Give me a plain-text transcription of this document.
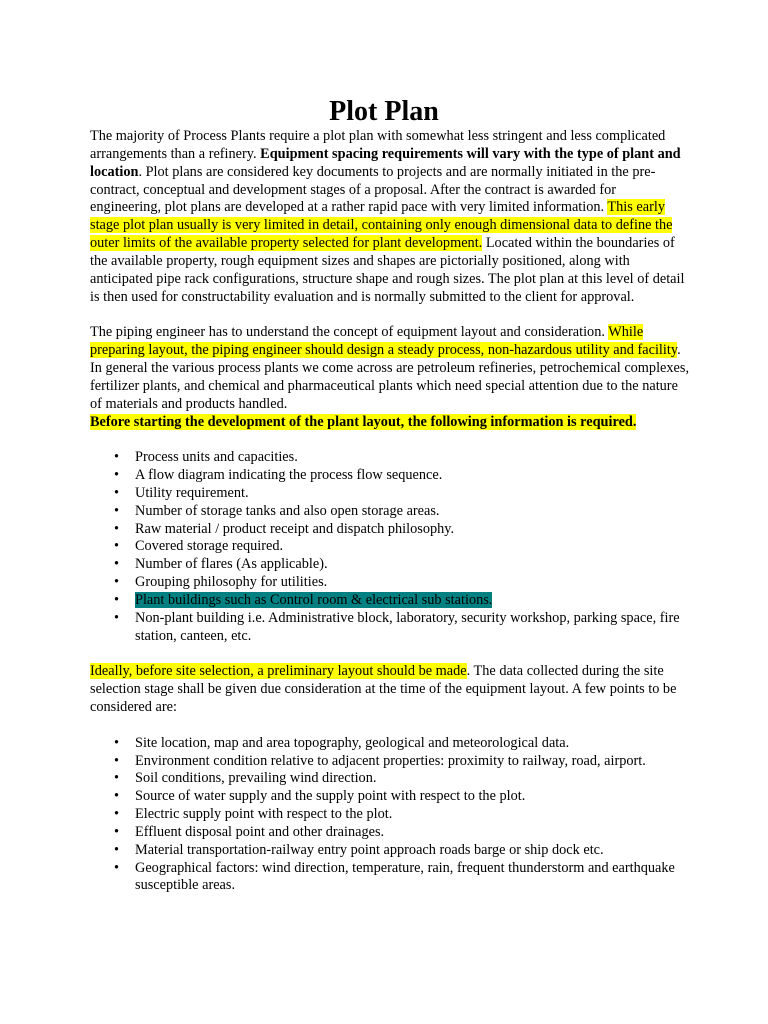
Plot Plan

The majority of Process Plants require a plot plan with somewhat less stringent and less complicated arrangements than a refinery. Equipment spacing requirements will vary with the type of plant and location. Plot plans are considered key documents to projects and are normally initiated in the pre-contract, conceptual and development stages of a proposal. After the contract is awarded for engineering, plot plans are developed at a rather rapid pace with very limited information. This early stage plot plan usually is very limited in detail, containing only enough dimensional data to define the outer limits of the available property selected for plant development. Located within the boundaries of the available property, rough equipment sizes and shapes are pictorially positioned, along with anticipated pipe rack configurations, structure shape and rough sizes. The plot plan at this level of detail is then used for constructability evaluation and is normally submitted to the client for approval.

The piping engineer has to understand the concept of equipment layout and consideration. While preparing layout, the piping engineer should design a steady process, non-hazardous utility and facility. In general the various process plants we come across are petroleum refineries, petrochemical complexes, fertilizer plants, and chemical and pharmaceutical plants which need special attention due to the nature of materials and products handled.

Before starting the development of the plant layout, the following information is required.

• Process units and capacities.
• A flow diagram indicating the process flow sequence.
• Utility requirement.
• Number of storage tanks and also open storage areas.
• Raw material / product receipt and dispatch philosophy.
• Covered storage required.
• Number of flares (As applicable).
• Grouping philosophy for utilities.
• Plant buildings such as Control room & electrical sub stations.
• Non-plant building i.e. Administrative block, laboratory, security workshop, parking space, fire station, canteen, etc.

Ideally, before site selection, a preliminary layout should be made. The data collected during the site selection stage shall be given due consideration at the time of the equipment layout. A few points to be considered are:

• Site location, map and area topography, geological and meteorological data.
• Environment condition relative to adjacent properties: proximity to railway, road, airport.
• Soil conditions, prevailing wind direction.
• Source of water supply and the supply point with respect to the plot.
• Electric supply point with respect to the plot.
• Effluent disposal point and other drainages.
• Material transportation-railway entry point approach roads barge or ship dock etc.
• Geographical factors: wind direction, temperature, rain, frequent thunderstorm and earthquake susceptible areas.
